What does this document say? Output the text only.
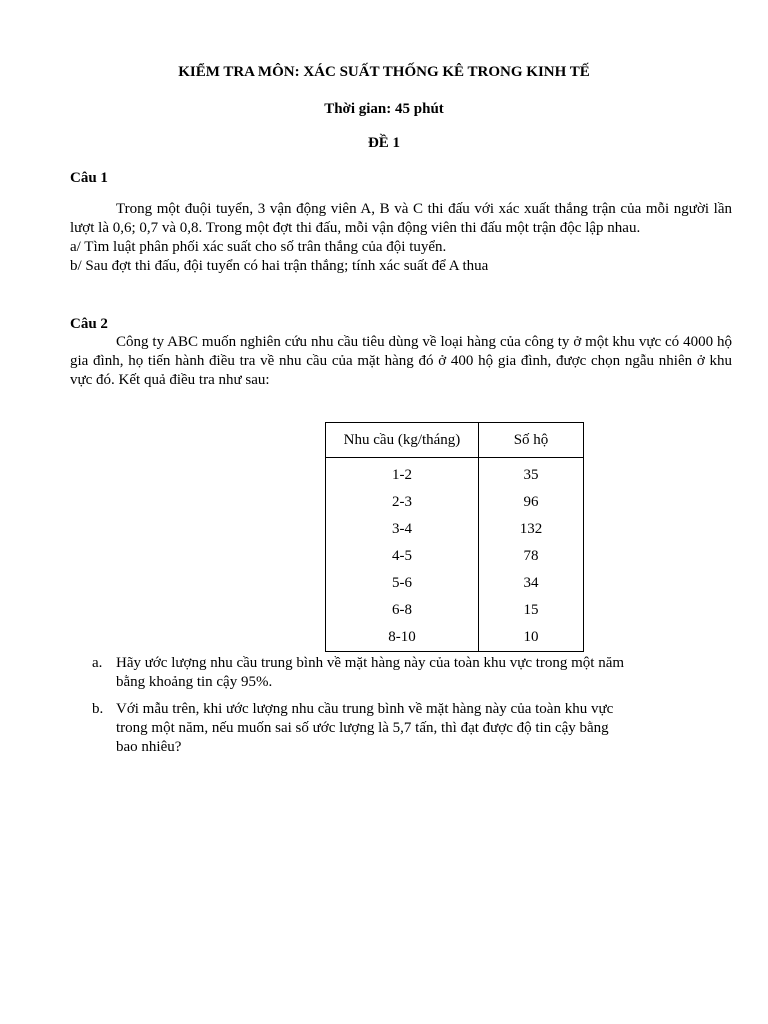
KIỂM TRA MÔN: XÁC SUẤT THỐNG KÊ TRONG KINH TẾ
Thời gian: 45 phút
ĐỀ 1
Câu 1
Trong một đuội tuyển, 3 vận động viên A, B và C thi đấu với xác xuất thắng trận của mỗi người lần lượt là 0,6; 0,7 và 0,8. Trong một đợt thi đấu, mỗi vận động viên thi đấu một trận độc lập nhau.
a/ Tìm luật phân phối xác suất cho số trân thắng của đội tuyển.
b/ Sau đợt thi đấu, đội tuyển có hai trận thắng; tính xác suất để A thua
Câu 2
Công ty ABC muốn nghiên cứu nhu cầu tiêu dùng về loại hàng của công ty ở một khu vực có 4000 hộ gia đình, họ tiến hành điều tra về nhu cầu của mặt hàng đó ở 400 hộ gia đình, được chọn ngẫu nhiên ở khu vực đó. Kết quả điều tra như sau:
Nhu cầu (kg/tháng)	Số hộ
1-2	35
2-3	96
3-4	132
4-5	78
5-6	34
6-8	15
8-10	10
a. Hãy ước lượng nhu cầu trung bình về mặt hàng này của toàn khu vực trong một năm bằng khoảng tin cậy 95%.
b. Với mẫu trên, khi ước lượng nhu cầu trung bình về mặt hàng này của toàn khu vực trong một năm, nếu muốn sai số ước lượng là 5,7 tấn, thì đạt được độ tin cậy bằng bao nhiêu?
